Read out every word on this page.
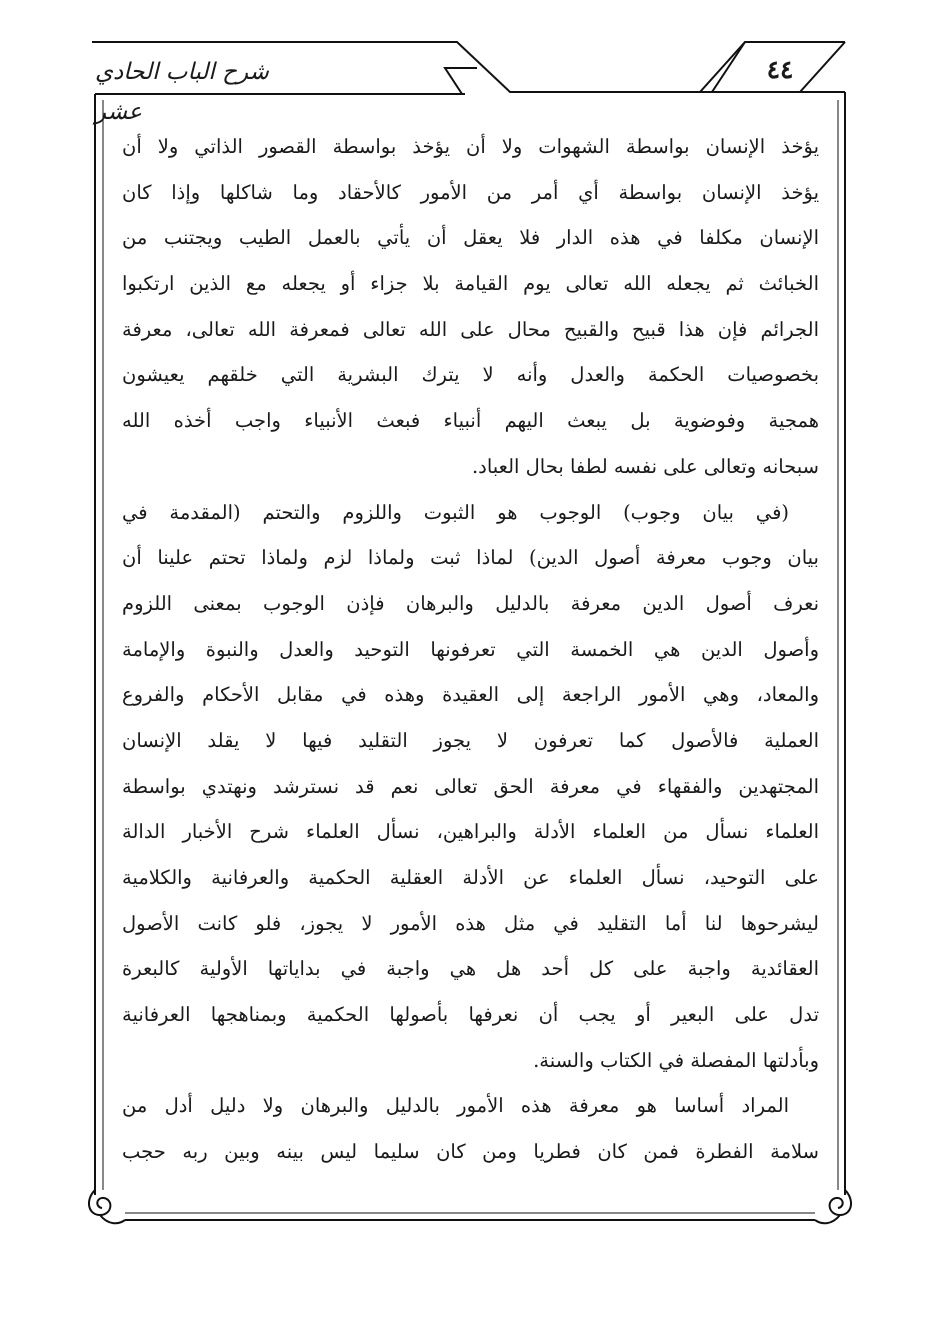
شرح الباب الحادي عشر
٤٤
يؤخذ الإنسان بواسطة الشهوات ولا أن يؤخذ بواسطة القصور الذاتي ولا أن
يؤخذ الإنسان بواسطة أي أمر من الأمور كالأحقاد وما شاكلها وإذا كان
الإنسان مكلفا في هذه الدار فلا يعقل أن يأتي بالعمل الطيب ويجتنب من
الخبائث ثم يجعله الله تعالى يوم القيامة بلا جزاء أو يجعله مع الذين ارتكبوا
الجرائم فإن هذا قبيح والقبيح محال على الله تعالى فمعرفة الله تعالى، معرفة
بخصوصيات الحكمة والعدل وأنه لا يترك البشرية التي خلقهم يعيشون
همجية وفوضوية بل يبعث اليهم أنبياء فبعث الأنبياء واجب أخذه الله
سبحانه وتعالى على نفسه لطفا بحال العباد.
(في بيان وجوب) الوجوب هو الثبوت واللزوم والتحتم (المقدمة في
بيان وجوب معرفة أصول الدين) لماذا ثبت ولماذا لزم ولماذا تحتم علينا أن
نعرف أصول الدين معرفة بالدليل والبرهان فإذن الوجوب بمعنى اللزوم
وأصول الدين هي الخمسة التي تعرفونها التوحيد والعدل والنبوة والإمامة
والمعاد، وهي الأمور الراجعة إلى العقيدة وهذه في مقابل الأحكام والفروع
العملية فالأصول كما تعرفون لا يجوز التقليد فيها لا يقلد الإنسان
المجتهدين والفقهاء في معرفة الحق تعالى نعم قد نسترشد ونهتدي بواسطة
العلماء نسأل من العلماء الأدلة والبراهين، نسأل العلماء شرح الأخبار الدالة
على التوحيد، نسأل العلماء عن الأدلة العقلية الحكمية والعرفانية والكلامية
ليشرحوها لنا أما التقليد في مثل هذه الأمور لا يجوز، فلو كانت الأصول
العقائدية واجبة على كل أحد هل هي واجبة في بداياتها الأولية كالبعرة
تدل على البعير أو يجب أن نعرفها بأصولها الحكمية وبمناهجها العرفانية
وبأدلتها المفصلة في الكتاب والسنة.
المراد أساسا هو معرفة هذه الأمور بالدليل والبرهان ولا دليل أدل من
سلامة الفطرة فمن كان فطريا ومن كان سليما ليس بينه وبين ربه حجب
